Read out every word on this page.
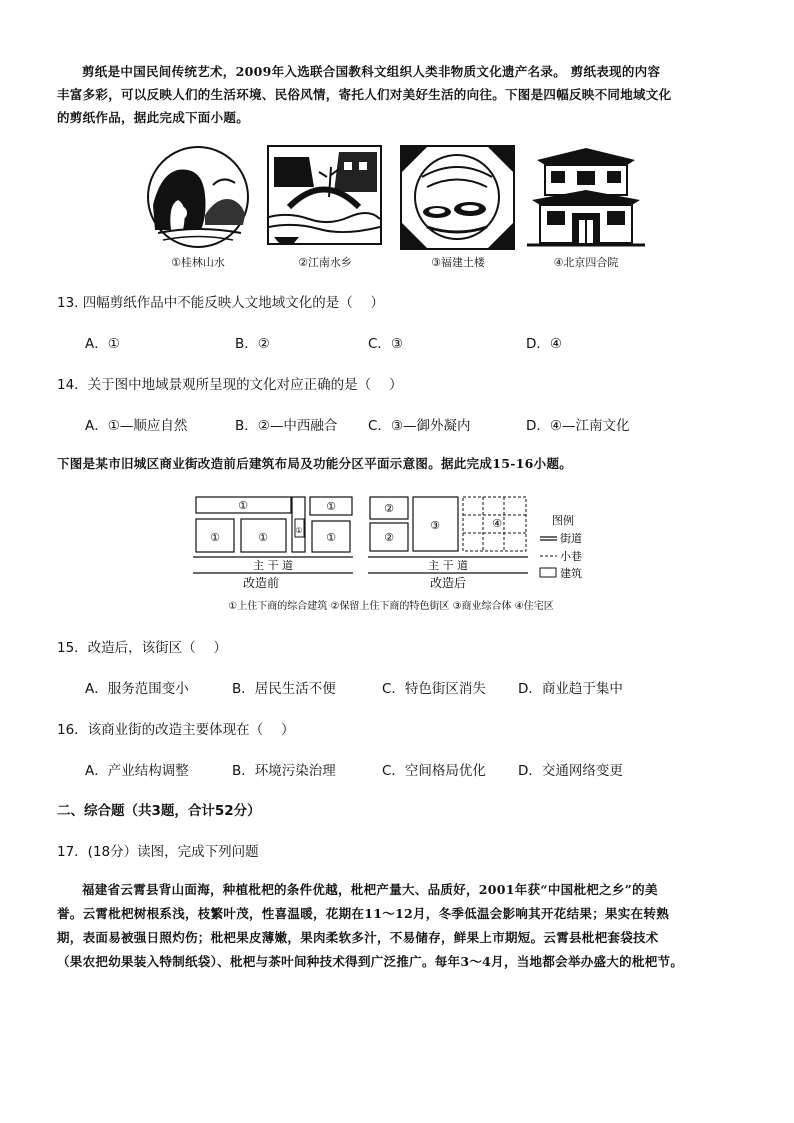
剪纸是中国民间传统艺术，2009年入选联合国教科文组织人类非物质文化遗产名录。 剪纸表现的内容

丰富多彩，可以反映人们的生活环境、民俗风情，寄托人们对美好生活的向往。下图是四幅反映不同地域文化
的剪纸作品，据此完成下面小题。
①桂林山水	②江南水乡	③福建土楼	④北京四合院
13. 四幅剪纸作品中不能反映人文地域文化的是（　 ）
A．①	B．②	C．③	D．④
14．关于图中地域景观所呈现的文化对应正确的是（　 ）
A．①—顺应自然	B．②—中西融合 C．③—御外凝内	D．④—江南文化
下图是某市旧城区商业街改造前后建筑布局及功能分区平面示意图。据此完成15-16小题。
①
①	①
①
①
①
主 干 道
改造前
②
②
③	④
主 干 道
改造后
图例
街道
小巷
建筑
①上住下商的综合建筑 ②保留上住下商的特色街区 ③商业综合体 ④住宅区
15．改造后，该街区（　 ）
A．服务范围变小	B．居民生活不便	C．特色街区消失 D．商业趋于集中
16．该商业街的改造主要体现在（　 ）
A．产业结构调整	B．环境污染治理	C．空间格局优化 D．交通网络变更
二、综合题（共3题，合计52分）
17．(18分）读图，完成下列问题

福建省云霄县背山面海，种植枇杷的条件优越，枇杷产量大、品质好，2001年获“中国枇杷之乡”的美

誉。云霄枇杷树根系浅，枝繁叶茂，性喜温暖，花期在11～12月，冬季低温会影响其开花结果；果实在转熟
期，表面易被强日照灼伤；枇杷果皮薄嫩，果肉柔软多汁，不易储存，鲜果上市期短。云霄县枇杷套袋技术
（果农把幼果装入特制纸袋）、枇杷与茶叶间种技术得到广泛推广。每年3～4月，当地都会举办盛大的枇杷节。
